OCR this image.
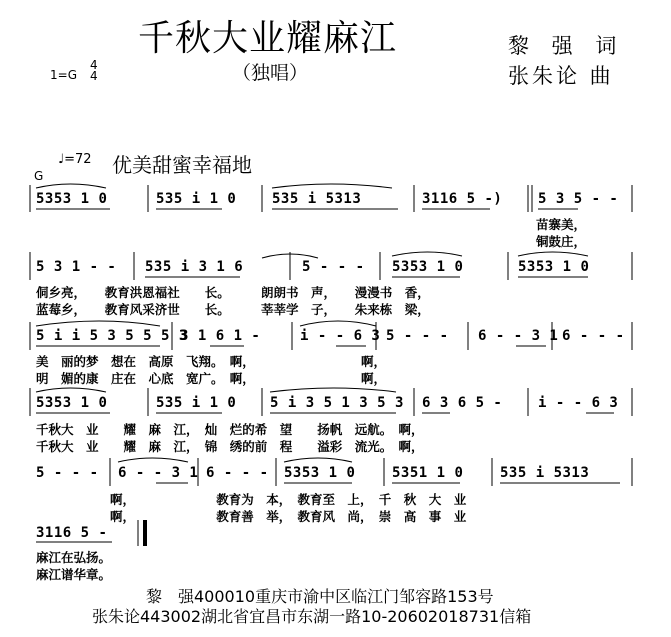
千秋大业耀麻江
（独唱）
黎 强 词
张朱论 曲
1=G
4
4
♩=72 优美甜蜜幸福地
G
5353 1 0	535 i 1 0	535 i 5313	3116 5 -)	5 3 5 - -
苗寨美，
铜鼓庄，
5 3 1 - - 535 i 3 1 6	5 - - - 5353 1 0	5353 1 0
侗乡亮，　　教育洪恩福社　　长。　　　朗朗书　声，　　漫漫书　香，
蓝莓乡，　　教育风采济世　　长。　　　莘莘学　子，　　朱来栋　梁，
5 i i 5 3 5 5 5 3
3 1 6 1 -	i - - 6 3 5 - - - 6 - - 3 1 6 - - -
美　丽的梦　想在　高原　飞翔。　啊，　　　　　　　　　啊，
明　媚的康　庄在　心底　宽广。　啊，　　　　　　　　　啊，
5353 1 0	535 i 1 0 5 i 3 5 1 3 5 3 6 3 6 5 -	i - - 6 3
千秋大　业　　耀　麻　江，　灿　烂的希　望　　扬帆　远航。　啊，
千秋大　业　　耀　麻　江，　锦　绣的前　程　　溢彩　流光。　啊，
5 - - - 6 - - 3 1 6 - - - 5353 1 0	5351 1 0	535 i 5313
啊，　　　　　　　教育为　本，　教育至　上，　千　秋　大　业
啊，　　　　　　　教育善　举，　教育风　尚，　崇　高　事　业
3116 5 -
麻江在弘扬。
麻江谱华章。
黎　强400010重庆市渝中区临江门邹容路153号
张朱论443002湖北省宜昌市东湖一路10-20602018731信箱
